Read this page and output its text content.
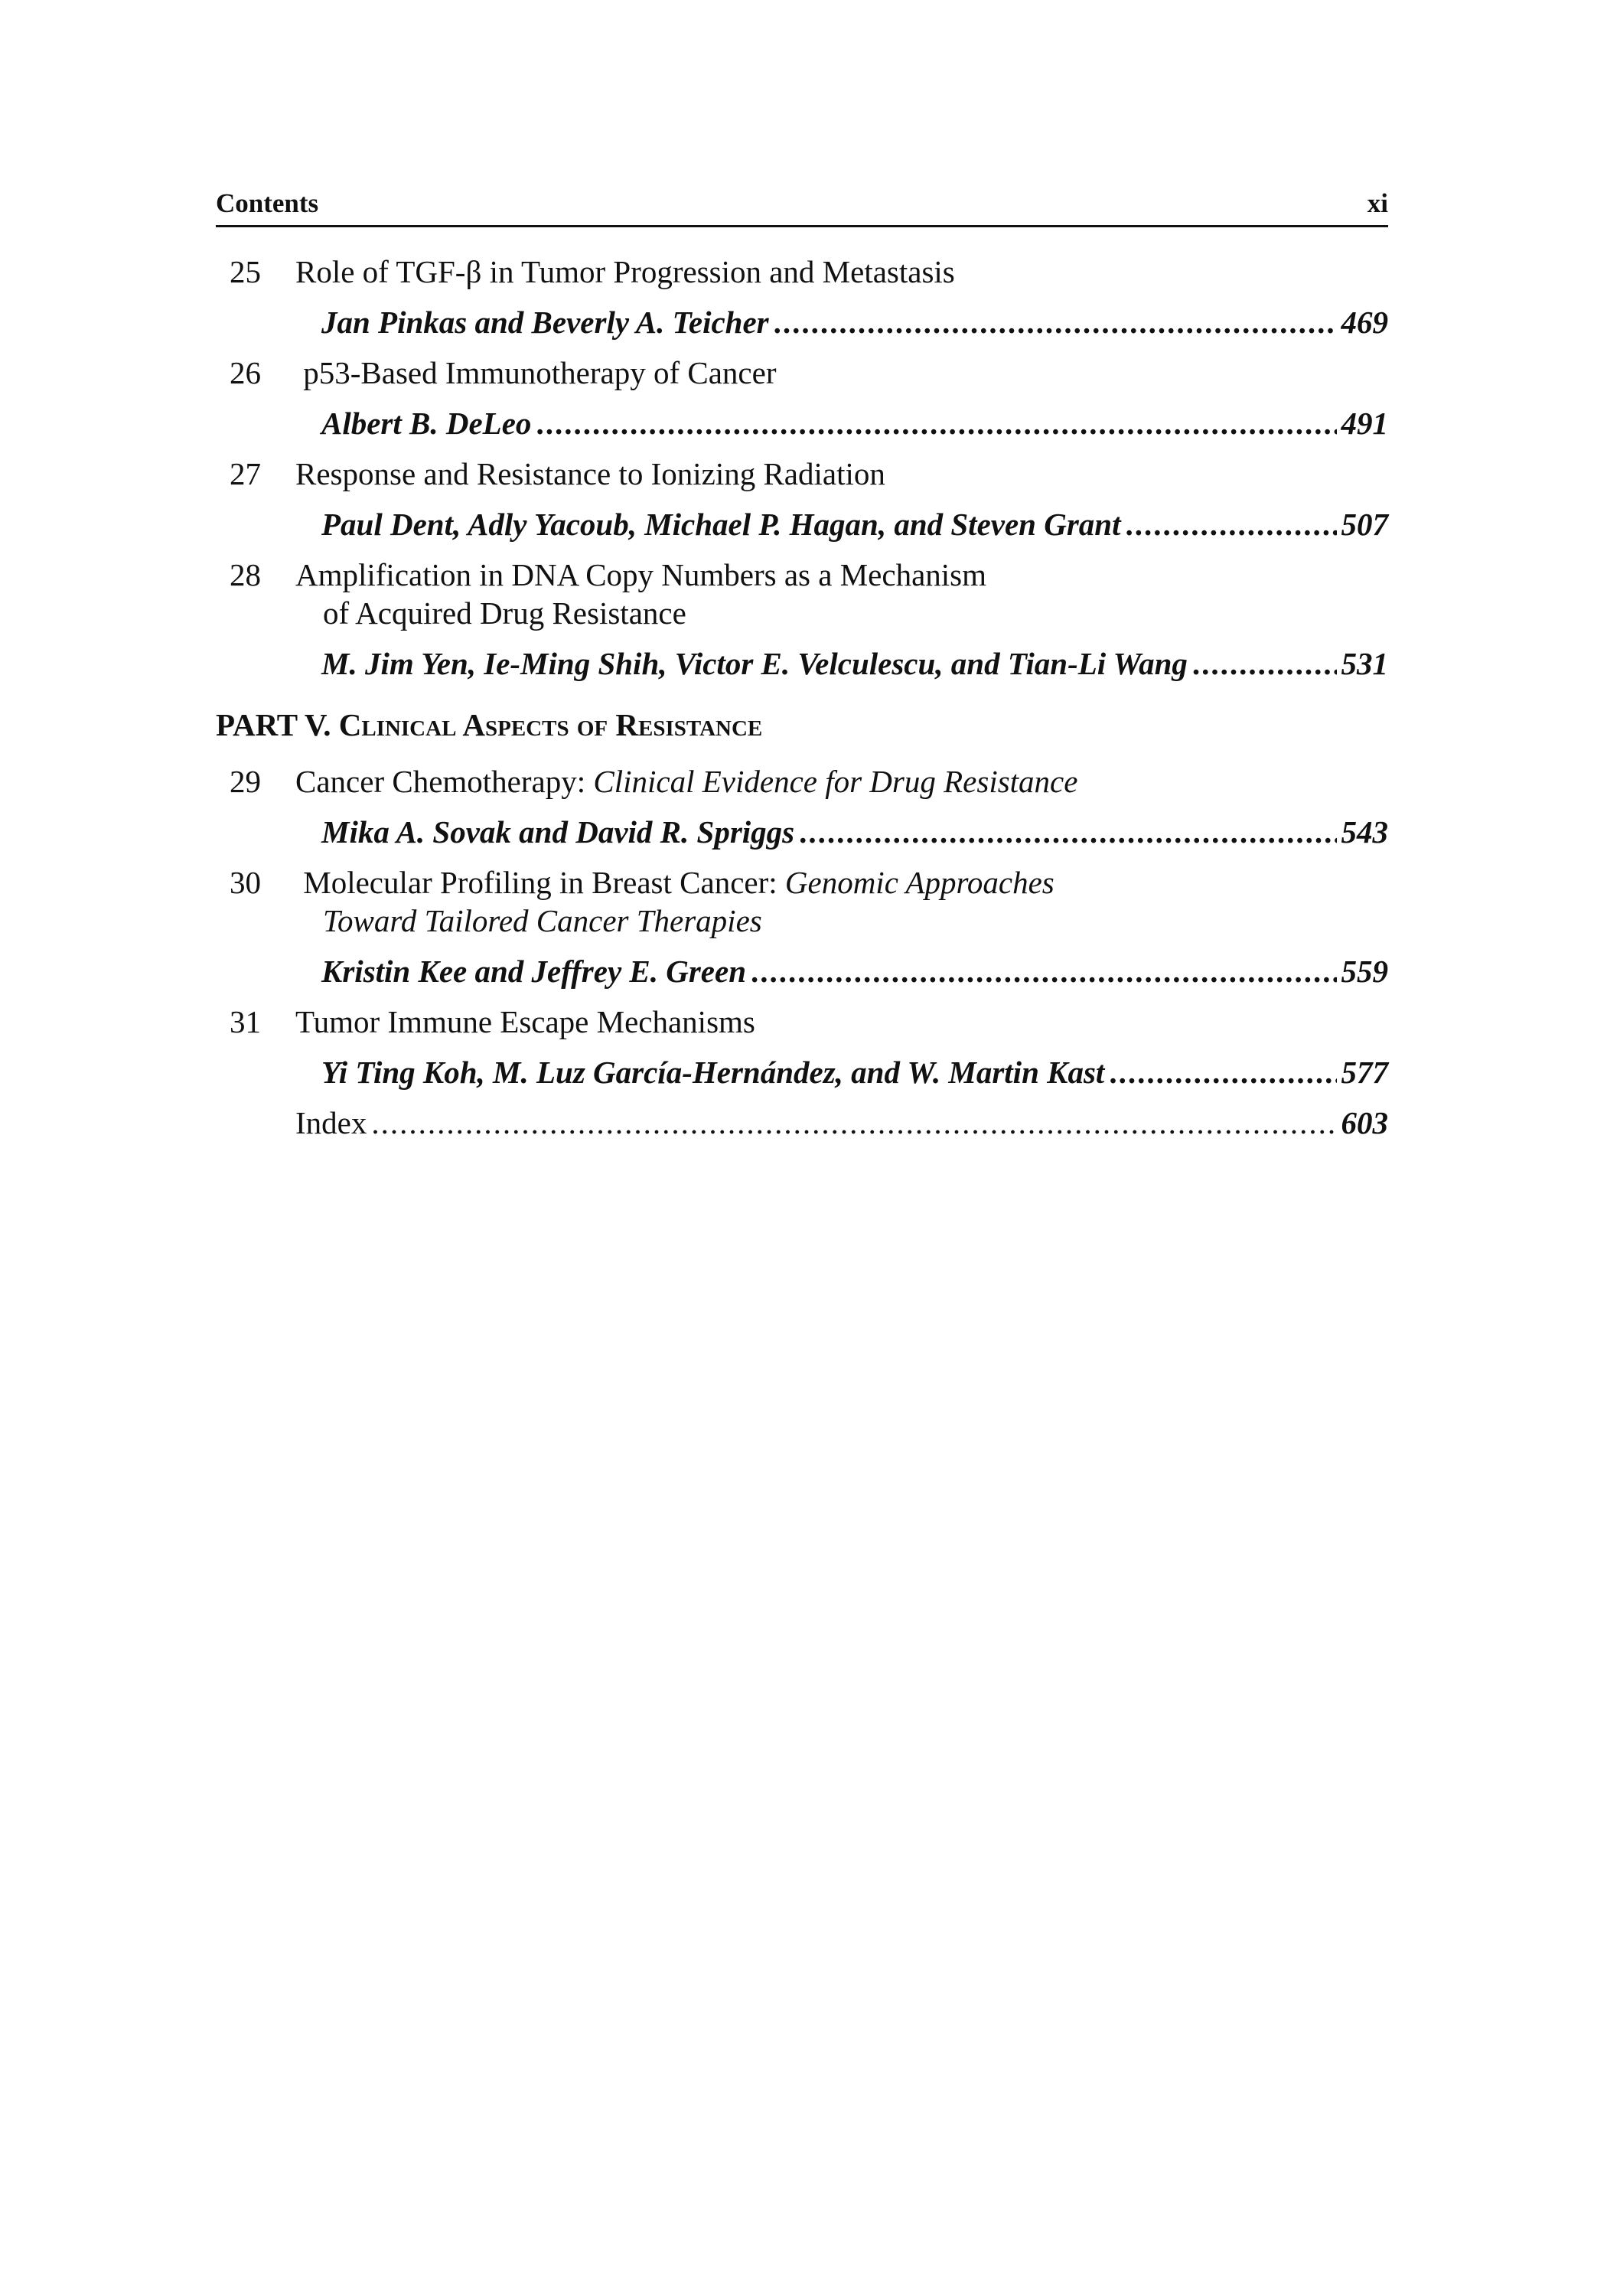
Contents	xi
25 Role of TGF-β in Tumor Progression and Metastasis
Jan Pinkas and Beverly A. Teicher .....	469
26 p53-Based Immunotherapy of Cancer
Albert B. DeLeo .....	491
27 Response and Resistance to Ionizing Radiation
Paul Dent, Adly Yacoub, Michael P. Hagan, and Steven Grant .....	507
28 Amplification in DNA Copy Numbers as a Mechanism
of Acquired Drug Resistance
M. Jim Yen, Ie-Ming Shih, Victor E. Velculescu, and Tian-Li Wang .....	531
PART V. Clinical Aspects of Resistance
29 Cancer Chemotherapy: Clinical Evidence for Drug Resistance
Mika A. Sovak and David R. Spriggs .....	543
30 Molecular Profiling in Breast Cancer: Genomic Approaches
Toward Tailored Cancer Therapies
Kristin Kee and Jeffrey E. Green .....	559
31 Tumor Immune Escape Mechanisms
Yi Ting Koh, M. Luz García-Hernández, and W. Martin Kast .....	577
Index .....	603
